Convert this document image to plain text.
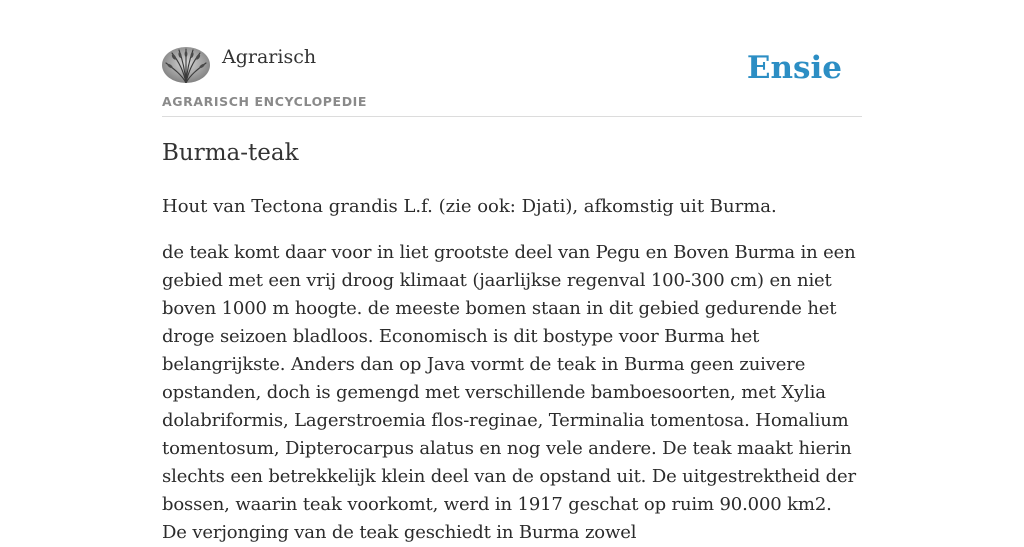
Agrarisch
AGRARISCH ENCYCLOPEDIE
Ensie
Burma-teak

Hout van Tectona grandis L.f. (zie ook: Djati), afkomstig uit Burma.

de teak komt daar voor in liet grootste deel van Pegu en Boven Burma in een gebied met een vrij droog klimaat (jaarlijkse regenval 100-300 cm) en niet boven 1000 m hoogte. de meeste bomen staan in dit gebied gedurende het droge seizoen bladloos. Economisch is dit bostype voor Burma het belangrijkste. Anders dan op Java vormt de teak in Burma geen zuivere opstanden, doch is gemengd met verschillende bamboesoorten, met Xylia dolabriformis, Lagerstroemia flos-reginae, Terminalia tomentosa. Homalium tomentosum, Dipterocarpus alatus en nog vele andere. De teak maakt hierin slechts een betrekkelijk klein deel van de opstand uit. De uitgestrektheid der bossen, waarin teak voorkomt, werd in 1917 geschat op ruim 90.000 km2. De verjonging van de teak geschiedt in Burma zowel
